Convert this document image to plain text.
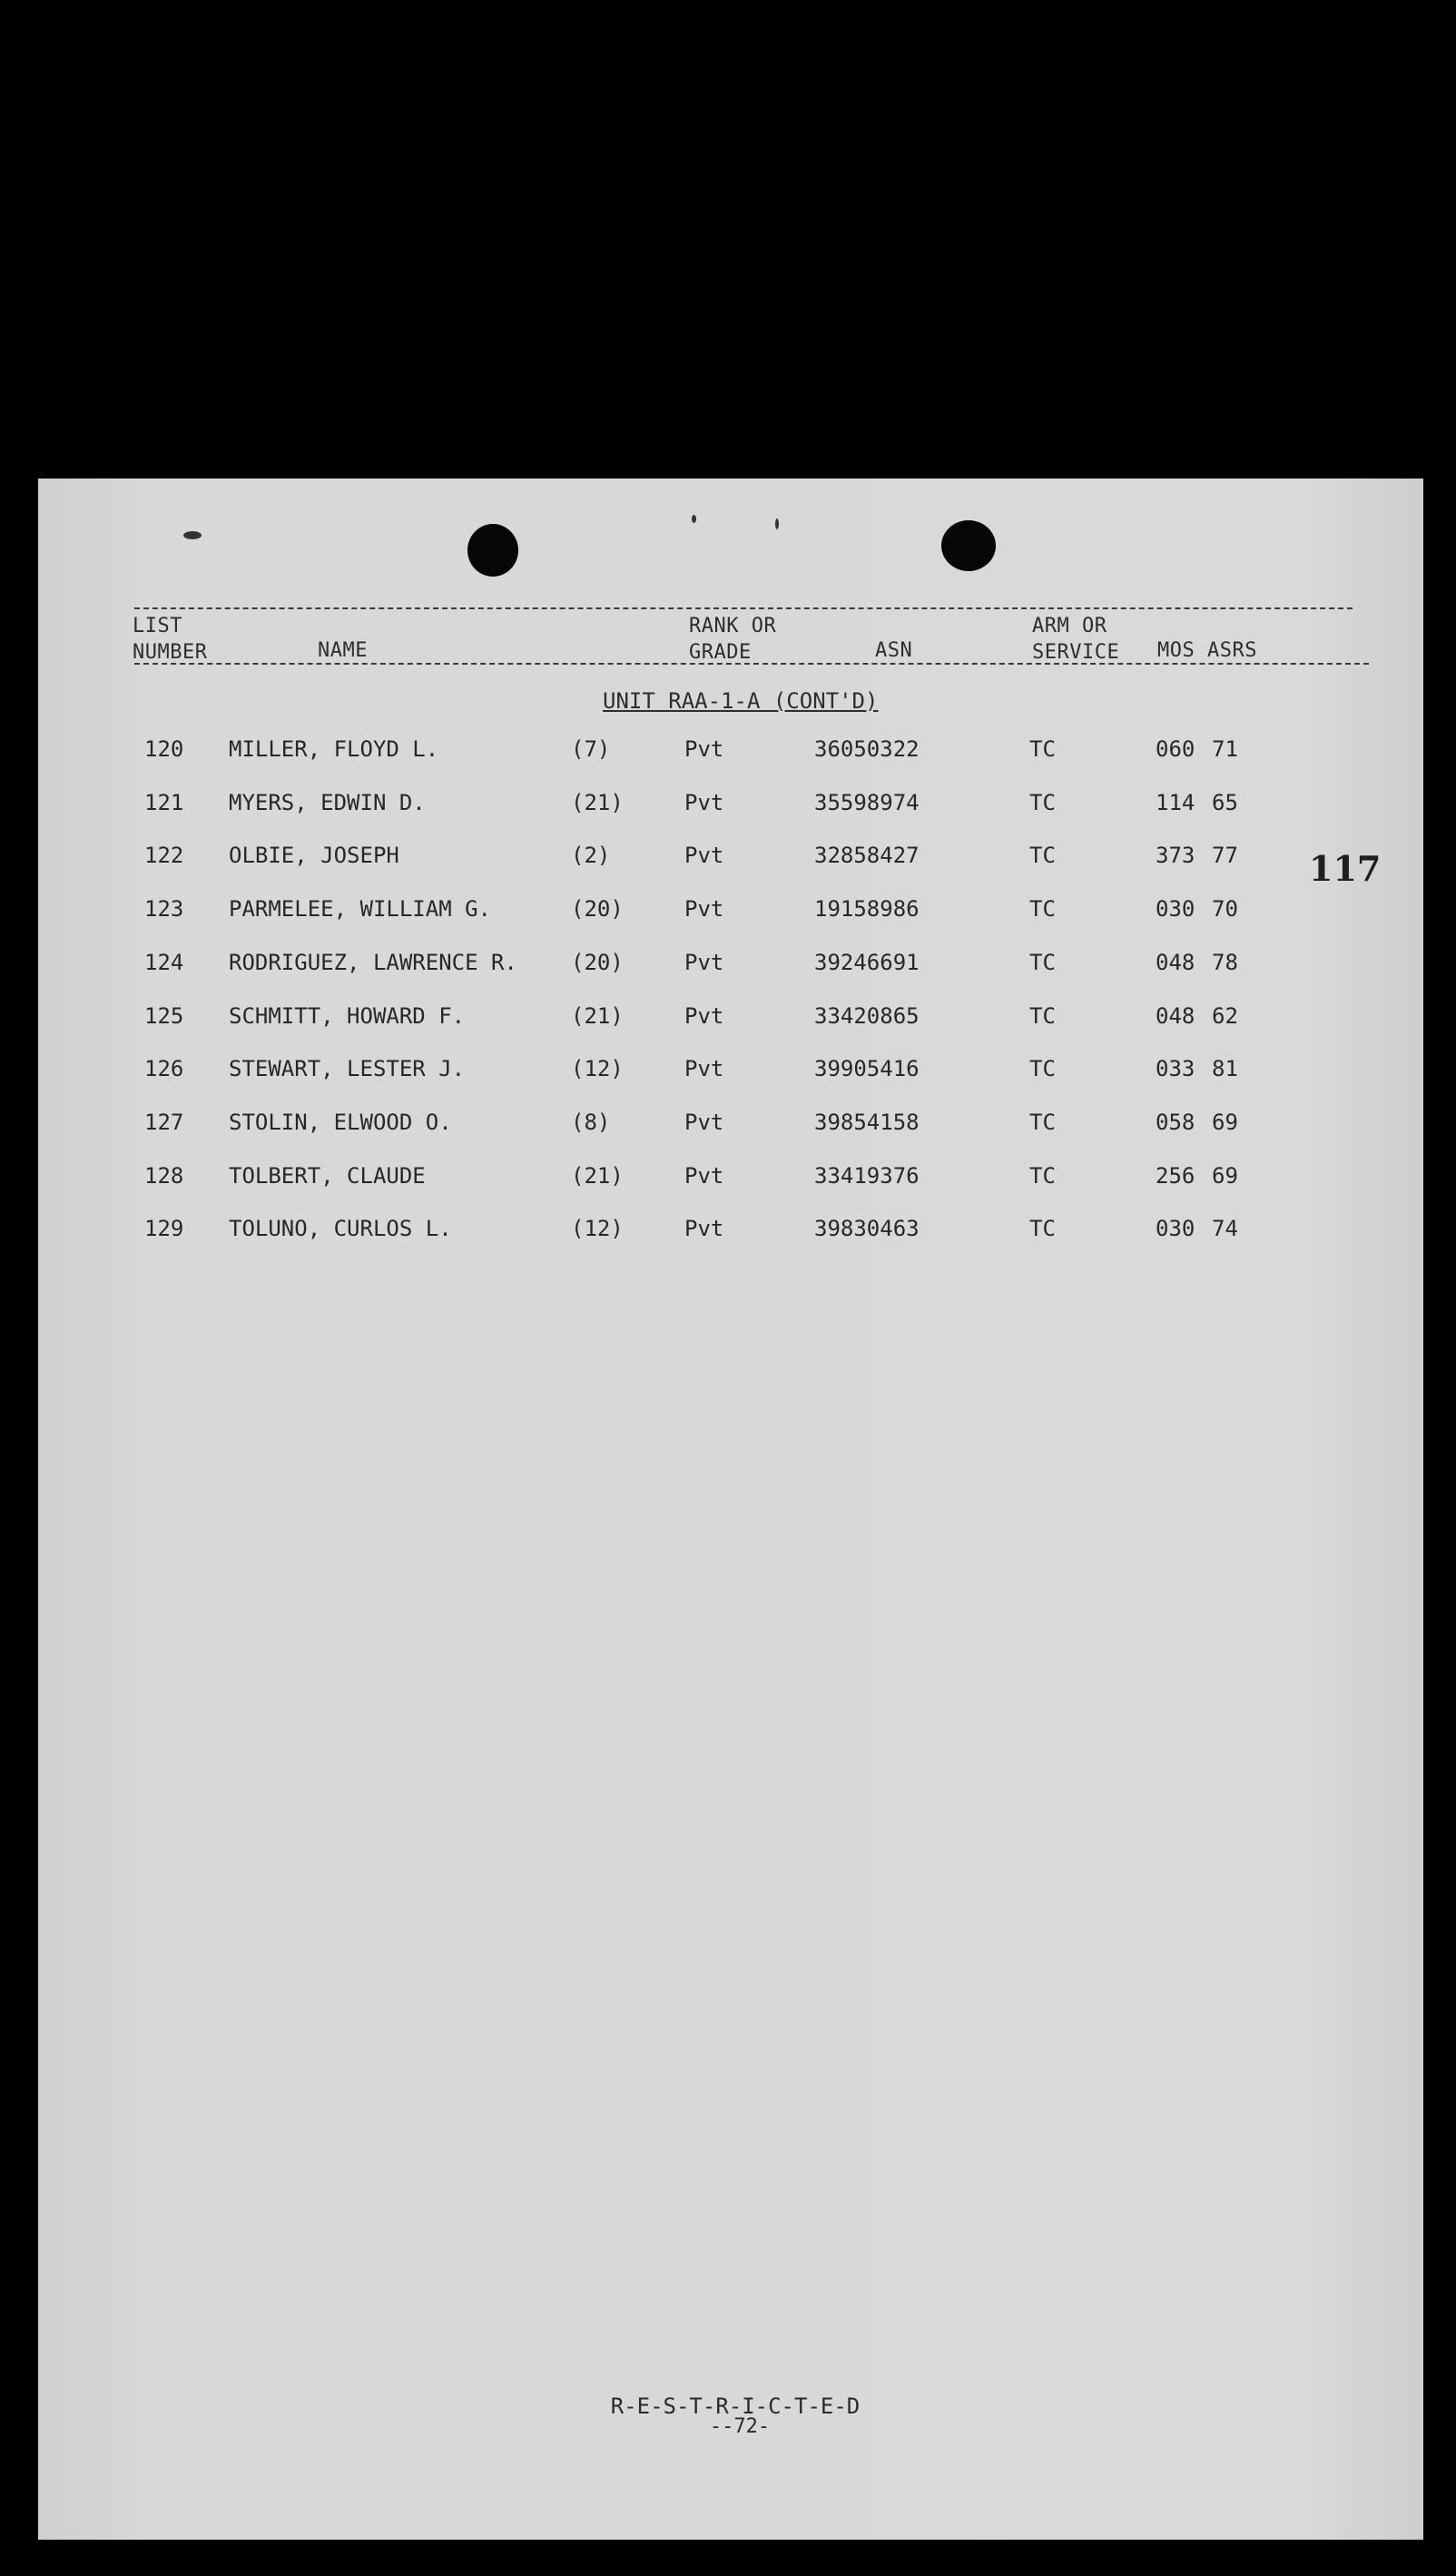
LIST
NUMBER	NAME
RANK OR
GRADE	ASN
ARM OR
SERVICE MOS ASRS
UNIT RAA-1-A (CONT'D)
120 MILLER, FLOYD L.	(7)	Pvt	36050322	TC	060 71
121 MYERS, EDWIN D.	(21)	Pvt	35598974	TC	114 65
122 OLBIE, JOSEPH	(2)	Pvt	32858427	TC	373 77
123 PARMELEE, WILLIAM G.	(20)	Pvt	19158986	TC	030 70
124 RODRIGUEZ, LAWRENCE R. (20)	Pvt	39246691	TC	048 78
125 SCHMITT, HOWARD F.	(21)	Pvt	33420865	TC	048 62
126 STEWART, LESTER J.	(12)	Pvt	39905416	TC	033 81
127 STOLIN, ELWOOD O.	(8)	Pvt	39854158	TC	058 69
128 TOLBERT, CLAUDE	(21)	Pvt	33419376	TC	256 69
129 TOLUNO, CURLOS L.	(12)	Pvt	39830463	TC	030 74
117
R-E-S-T-R-I-C-T-E-D
--72-
